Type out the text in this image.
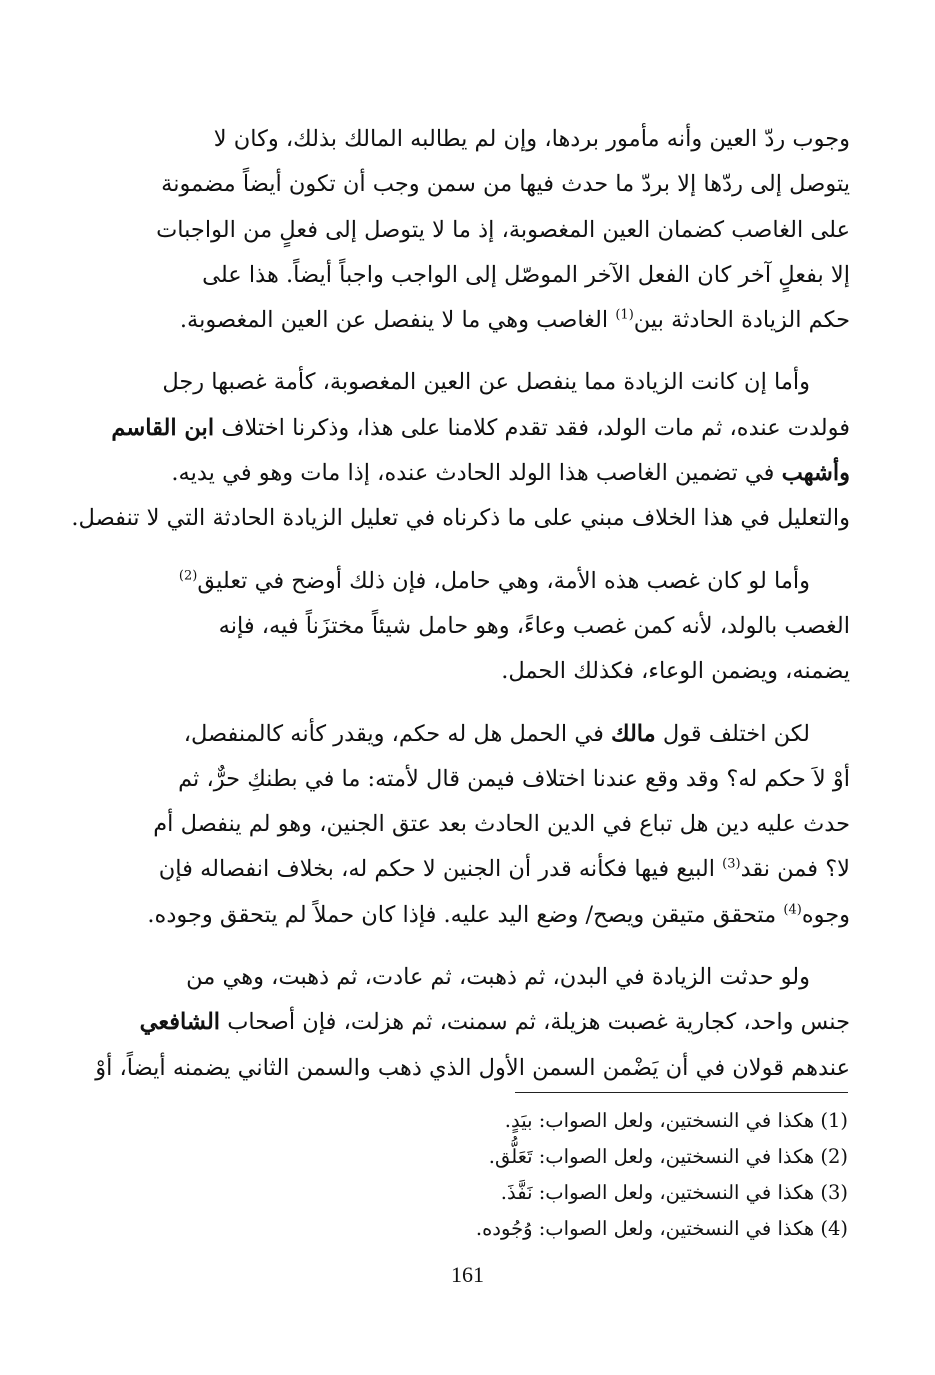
وجوب ردّ العين وأنه مأمور بردها، وإن لم يطالبه المالك بذلك، وكان لا
يتوصل إلى ردّها إلا بردّ ما حدث فيها من سمن وجب أن تكون أيضاً مضمونة
على الغاصب كضمان العين المغصوبة، إذ ما لا يتوصل إلى فعلٍ من الواجبات
إلا بفعلٍ آخر كان الفعل الآخر الموصّل إلى الواجب واجباً أيضاً. هذا على
حكم الزيادة الحادثة بين$^{(1)}$ الغاصب وهي ما لا ينفصل عن العين المغصوبة.
وأما إن كانت الزيادة مما ينفصل عن العين المغصوبة، كأمة غصبها رجل
فولدت عنده، ثم مات الولد، فقد تقدم كلامنا على هذا، وذكرنا اختلاف ابن القاسم
وأشهب في تضمين الغاصب هذا الولد الحادث عنده، إذا مات وهو في يديه.
والتعليل في هذا الخلاف مبني على ما ذكرناه في تعليل الزيادة الحادثة التي لا تنفصل.
وأما لو كان غصب هذه الأمة، وهي حامل، فإن ذلك أوضح في تعليق$^{(2)}$
الغصب بالولد، لأنه كمن غصب وعاءً، وهو حامل شيئاً مختزَناً فيه، فإنه
يضمنه، ويضمن الوعاء، فكذلك الحمل.
لكن اختلف قول مالك في الحمل هل له حكم، ويقدر كأنه كالمنفصل،
أوْ لاَ حكم له؟ وقد وقع عندنا اختلاف فيمن قال لأمته: ما في بطنكِ حرٌّ، ثم
حدث عليه دين هل تباع في الدين الحادث بعد عتق الجنين، وهو لم ينفصل أم
لا؟ فمن نقد$^{(3)}$ البيع فيها فكأنه قدر أن الجنين لا حكم له، بخلاف انفصاله فإن
وجوه$^{(4)}$ متحقق متيقن ويصح/ وضع اليد عليه. فإذا كان حملاً لم يتحقق وجوده.
ولو حدثت الزيادة في البدن، ثم ذهبت، ثم عادت، ثم ذهبت، وهي من
جنس واحد، كجارية غصبت هزيلة، ثم سمنت، ثم هزلت، فإن أصحاب الشافعي
عندهم قولان في أن يَضْمن السمن الأول الذي ذهب والسمن الثاني يضمنه أيضاً، أوْ
(1) هكذا في النسختين، ولعل الصواب: بيَدٍ.
(2) هكذا في النسختين، ولعل الصواب: تَعَلُّق.
(3) هكذا في النسختين، ولعل الصواب: نَفَّذَ.
(4) هكذا في النسختين، ولعل الصواب: وُجُوده.
161
